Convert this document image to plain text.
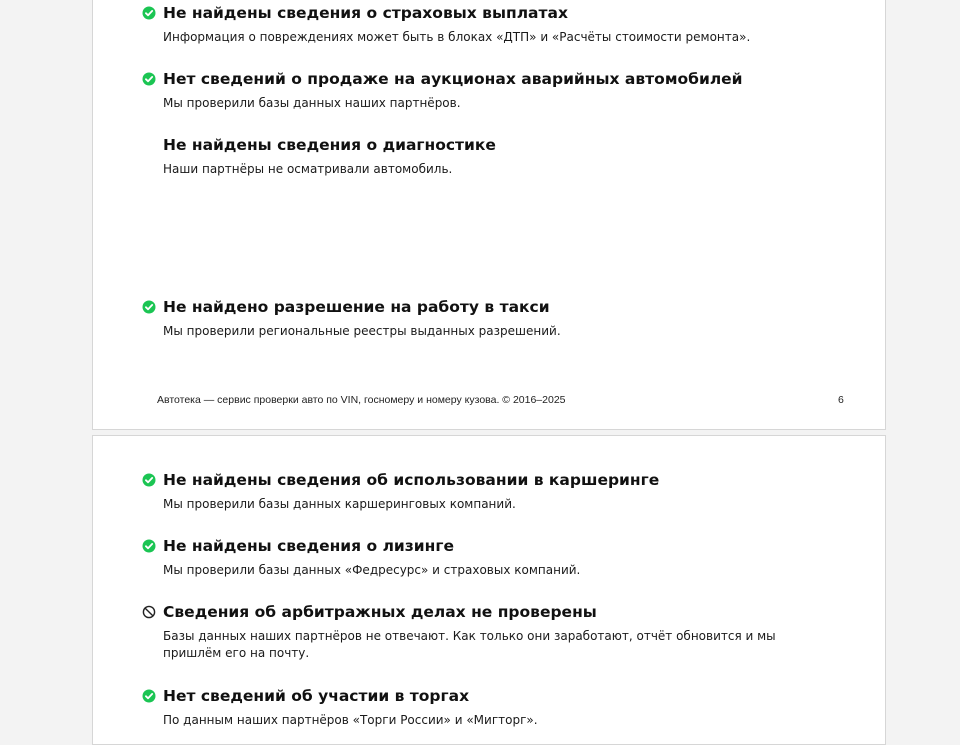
Не найдены сведения о страховых выплатах
Информация о повреждениях может быть в блоках «ДТП» и «Расчёты стоимости ремонта».
Нет сведений о продаже на аукционах аварийных автомобилей
Мы проверили базы данных наших партнёров.
Не найдены сведения о диагностике
Наши партнёры не осматривали автомобиль.
Не найдено разрешение на работу в такси
Мы проверили региональные реестры выданных разрешений.
Автотека — сервис проверки авто по VIN, госномеру и номеру кузова. © 2016–2025	6
Не найдены сведения об использовании в каршеринге
Мы проверили базы данных каршеринговых компаний.
Не найдены сведения о лизинге
Мы проверили базы данных «Федресурс» и страховых компаний.
Сведения об арбитражных делах не проверены
Базы данных наших партнёров не отвечают. Как только они заработают, отчёт обновится и мы пришлём его на почту.
Нет сведений об участии в торгах
По данным наших партнёров «Торги России» и «Мигторг».
